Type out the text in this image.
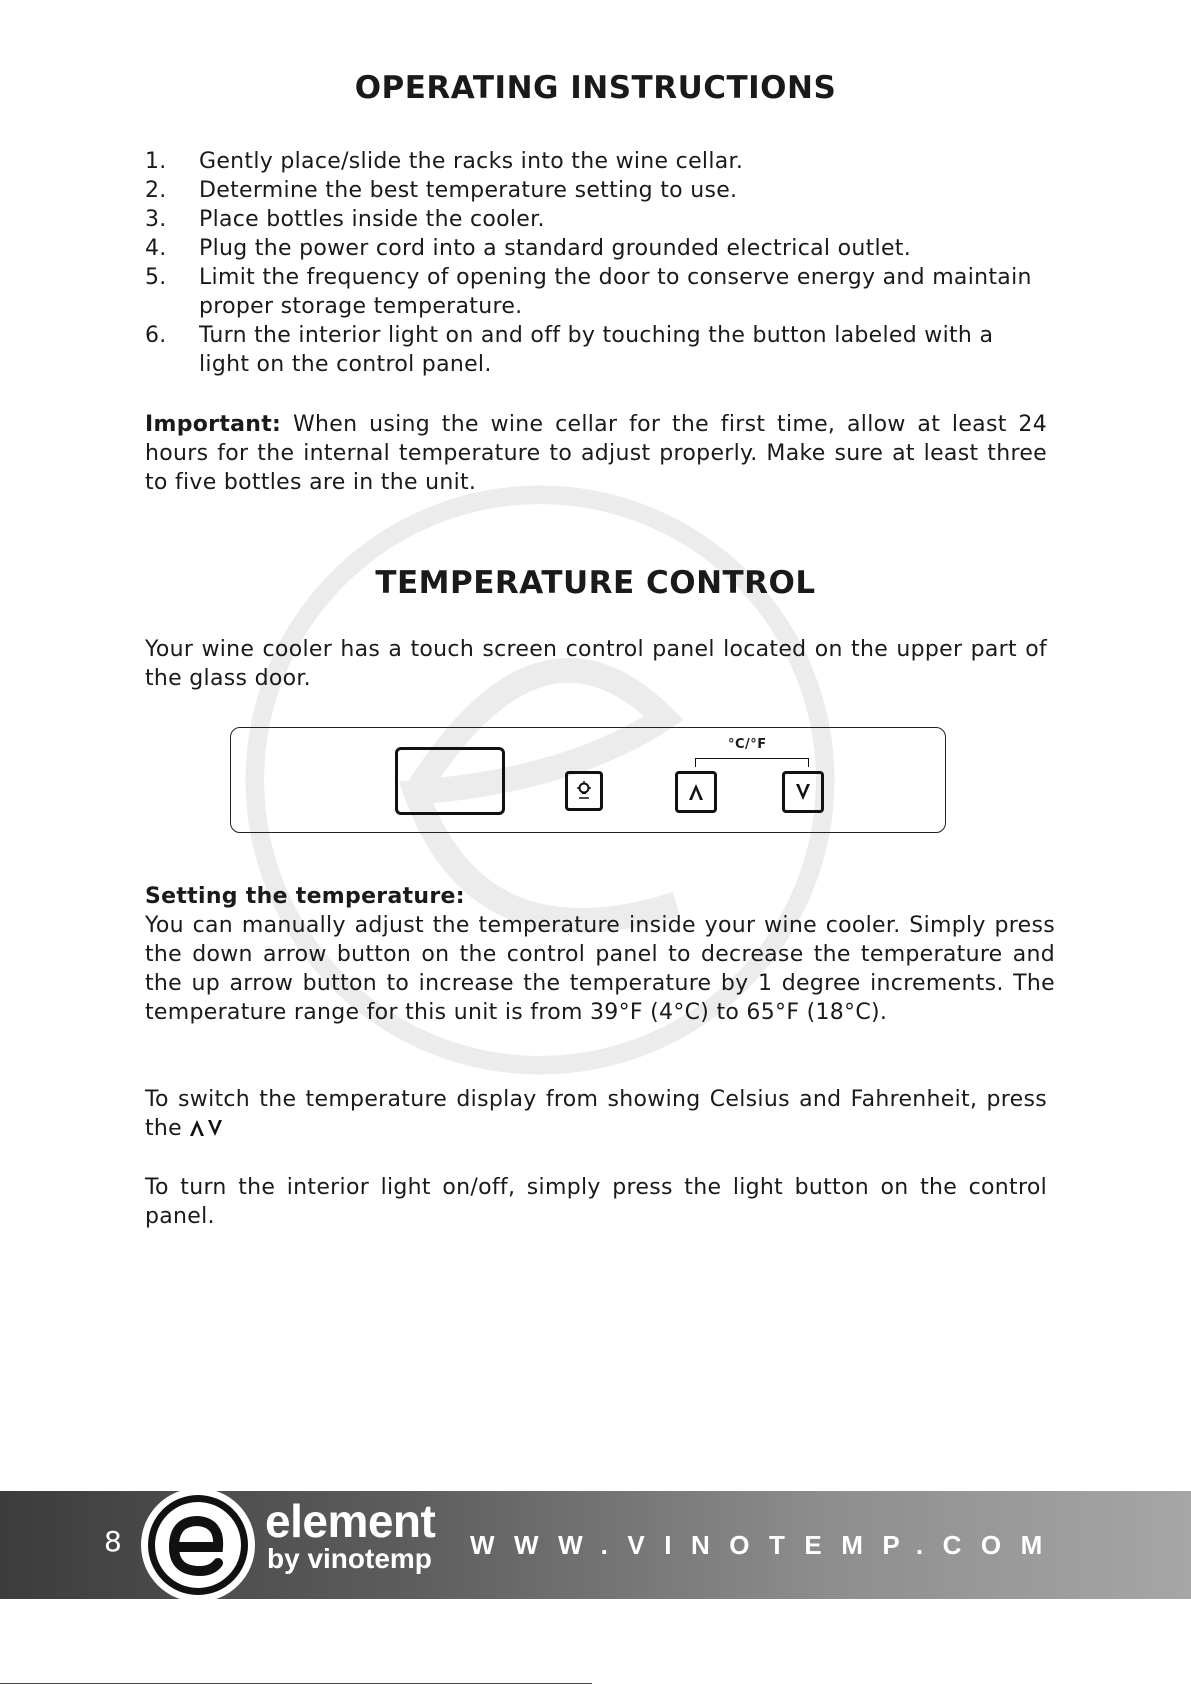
OPERATING INSTRUCTIONS
1.	Gently place/slide the racks into the wine cellar.
2.	Determine the best temperature setting to use.
3.	Place bottles inside the cooler.
4.	Plug the power cord into a standard grounded electrical outlet.
5.	Limit the frequency of opening the door to conserve energy and maintain proper storage temperature.
6.	Turn the interior light on and off by touching the button labeled with a light on the control panel.

Important: When using the wine cellar for the first time, allow at least 24 hours for the internal temperature to adjust properly. Make sure at least three to five bottles are in the unit.

TEMPERATURE CONTROL

Your wine cooler has a touch screen control panel located on the upper part of the glass door.

°C/°F
Setting the temperature:

You can manually adjust the temperature inside your wine cooler. Simply press the down arrow button on the control panel to decrease the temperature and the up arrow button to increase the temperature by 1 degree increments. The temperature range for this unit is from 39°F (4°C) to 65°F (18°C).

To switch the temperature display from showing Celsius and Fahrenheit, press the

To turn the interior light on/off, simply press the light button on the control panel.

8	element
by vinotemp WWW.VINOTEMP.COM
